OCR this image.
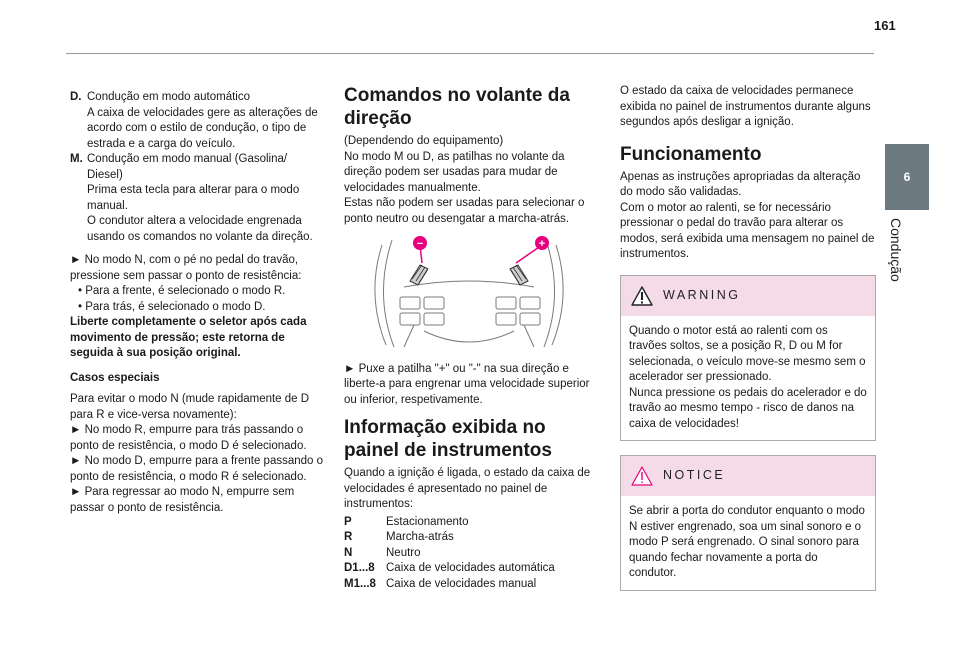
161
6
Condução
D. Condução em modo automático
A caixa de velocidades gere as alterações de acordo com o estilo de condução, o tipo de estrada e a carga do veículo.
M. Condução em modo manual (Gasolina/ Diesel)
Prima esta tecla para alterar para o modo manual.
O condutor altera a velocidade engrenada usando os comandos no volante da direção.
► No modo N, com o pé no pedal do travão, pressione sem passar o ponto de resistência:
• Para a frente, é selecionado o modo R.
• Para trás, é selecionado o modo D.
Liberte completamente o seletor após cada movimento de pressão; este retorna de seguida à sua posição original.
Casos especiais
Para evitar o modo N (mude rapidamente de D para R e vice-versa novamente):
► No modo R, empurre para trás passando o ponto de resistência, o modo D é selecionado.
► No modo D, empurre para a frente passando o ponto de resistência, o modo R é selecionado.
► Para regressar ao modo N, empurre sem passar o ponto de resistência.
Comandos no volante da direção
(Dependendo do equipamento)
No modo M ou D, as patilhas no volante da direção podem ser usadas para mudar de velocidades manualmente.
Estas não podem ser usadas para selecionar o ponto neutro ou desengatar a marcha-atrás.
−	+
► Puxe a patilha "+" ou "-" na sua direção e liberte-a para engrenar uma velocidade superior ou inferior, respetivamente.
Informação exibida no painel de instrumentos
Quando a ignição é ligada, o estado da caixa de velocidades é apresentado no painel de instrumentos:
P	Estacionamento
R	Marcha-atrás
N	Neutro
D1...8 Caixa de velocidades automática
M1...8 Caixa de velocidades manual
O estado da caixa de velocidades permanece exibida no painel de instrumentos durante alguns segundos após desligar a ignição.
Funcionamento
Apenas as instruções apropriadas da alteração do modo são validadas.
Com o motor ao ralenti, se for necessário pressionar o pedal do travão para alterar os modos, será exibida uma mensagem no painel de instrumentos.
WARNING
Quando o motor está ao ralenti com os travões soltos, se a posição R, D ou M for selecionada, o veículo move-se mesmo sem o acelerador ser pressionado.
Nunca pressione os pedais do acelerador e do travão ao mesmo tempo - risco de danos na caixa de velocidades!
NOTICE
Se abrir a porta do condutor enquanto o modo N estiver engrenado, soa um sinal sonoro e o modo P será engrenado. O sinal sonoro para quando fechar novamente a porta do condutor.
